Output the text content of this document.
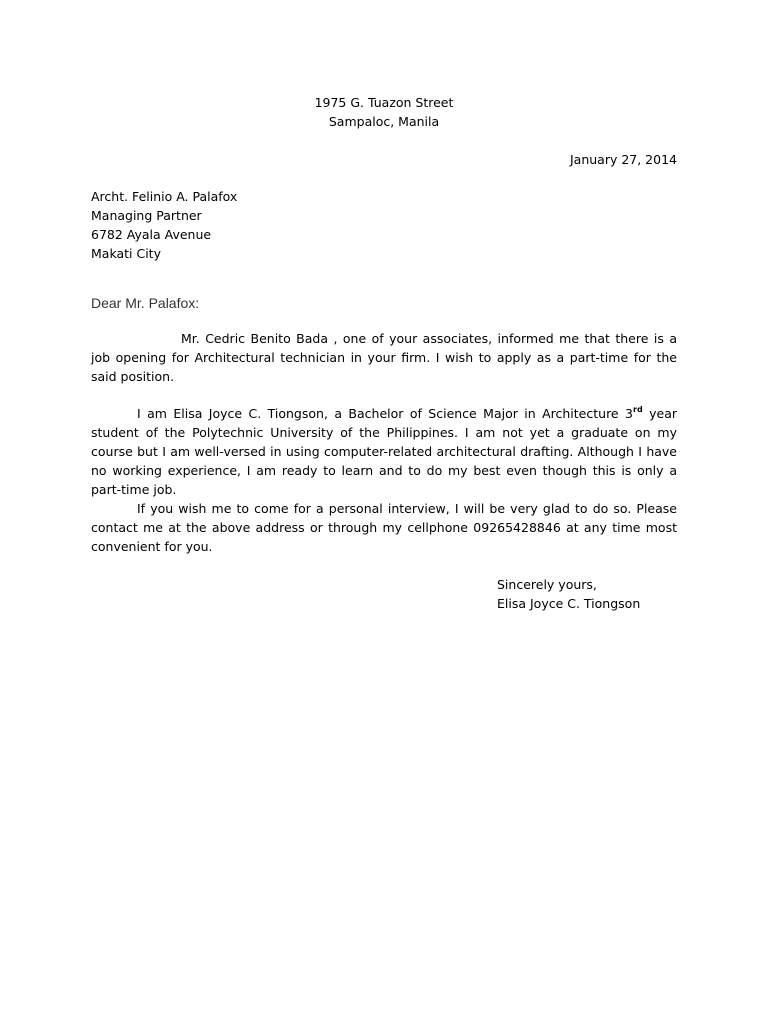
1975 G. Tuazon Street
Sampaloc, Manila
January 27, 2014
Archt. Felinio A. Palafox
Managing Partner
6782 Ayala Avenue
Makati City
Dear Mr. Palafox:

Mr. Cedric Benito Bada , one of your associates, informed me that there is a job opening for Architectural technician in your firm. I wish to apply as a part-time for the said position.

I am Elisa Joyce C. Tiongson, a Bachelor of Science Major in Architecture 3rd year student of the Polytechnic University of the Philippines. I am not yet a graduate on my course but I am well-versed in using computer-related architectural drafting. Although I have no working experience, I am ready to learn and to do my best even though this is only a part-time job.

If you wish me to come for a personal interview, I will be very glad to do so. Please contact me at the above address or through my cellphone 09265428846 at any time most convenient for you.

Sincerely yours,
Elisa Joyce C. Tiongson
